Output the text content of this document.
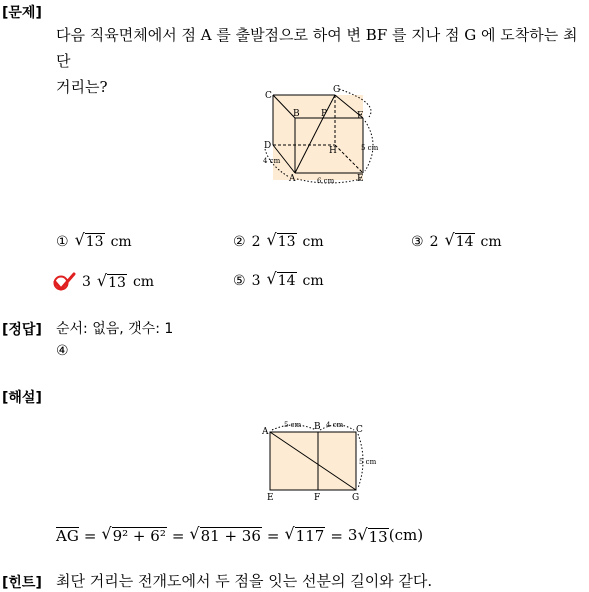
[문제]
다음 직육면체에서 점 A 를 출발점으로 하여 변 BF 를 지나 점 G 에 도착하는 최단
거리는?	C
G
B P	F
D	H
A	E
4 cm
6 cm
5 cm
① √ 13 cm	② 2 √ 13 cm	③ 2 √ 14 cm
3 √ 13 cm	⑤ 3 √ 14 cm
[정답] 순서: 없음, 갯수: 1
④
[해설]
A	B	C
E	F	G
5 cm	4 cm
5 cm
AG = √ 9² + 6² = √ 81 + 36 = √ 117 = 3 √ 13 (cm)
[힌트] 최단 거리는 전개도에서 두 점을 잇는 선분의 길이와 같다.
